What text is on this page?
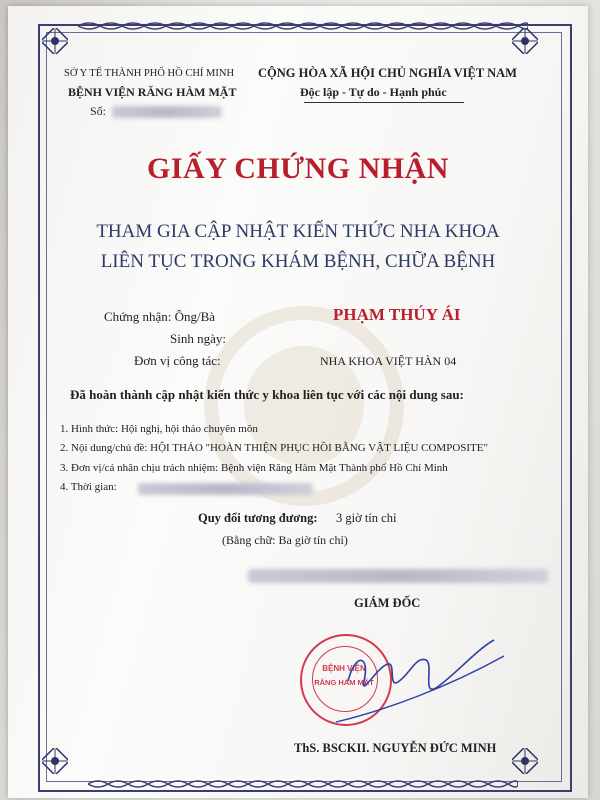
SỞ Y TẾ THÀNH PHỐ HỒ CHÍ MINH
BỆNH VIỆN RĂNG HÀM MẶT
Số:
CỘNG HÒA XÃ HỘI CHỦ NGHĨA VIỆT NAM
Độc lập - Tự do - Hạnh phúc
GIẤY CHỨNG NHẬN
THAM GIA CẬP NHẬT KIẾN THỨC NHA KHOA
LIÊN TỤC TRONG KHÁM BỆNH, CHỮA BỆNH
Chứng nhận: Ông/Bà	PHẠM THÚY ÁI
Sinh ngày:
Đơn vị công tác:	NHA KHOA VIỆT HÀN 04
Đã hoàn thành cập nhật kiến thức y khoa liên tục với các nội dung sau:
1. Hình thức: Hội nghị, hội thảo chuyên môn
2. Nội dung/chủ đề: HỘI THẢO "HOÀN THIỆN PHỤC HỒI BẰNG VẬT LIỆU COMPOSITE"
3. Đơn vị/cá nhân chịu trách nhiệm: Bệnh viện Răng Hàm Mặt Thành phố Hồ Chí Minh
4. Thời gian:
Quy đổi tương đương: 3 giờ tín chỉ
(Bằng chữ: Ba giờ tín chỉ)
GIÁM ĐỐC
BỆNH VIỆN
RĂNG HÀM MẶT
ThS. BSCKII. NGUYỄN ĐỨC MINH
